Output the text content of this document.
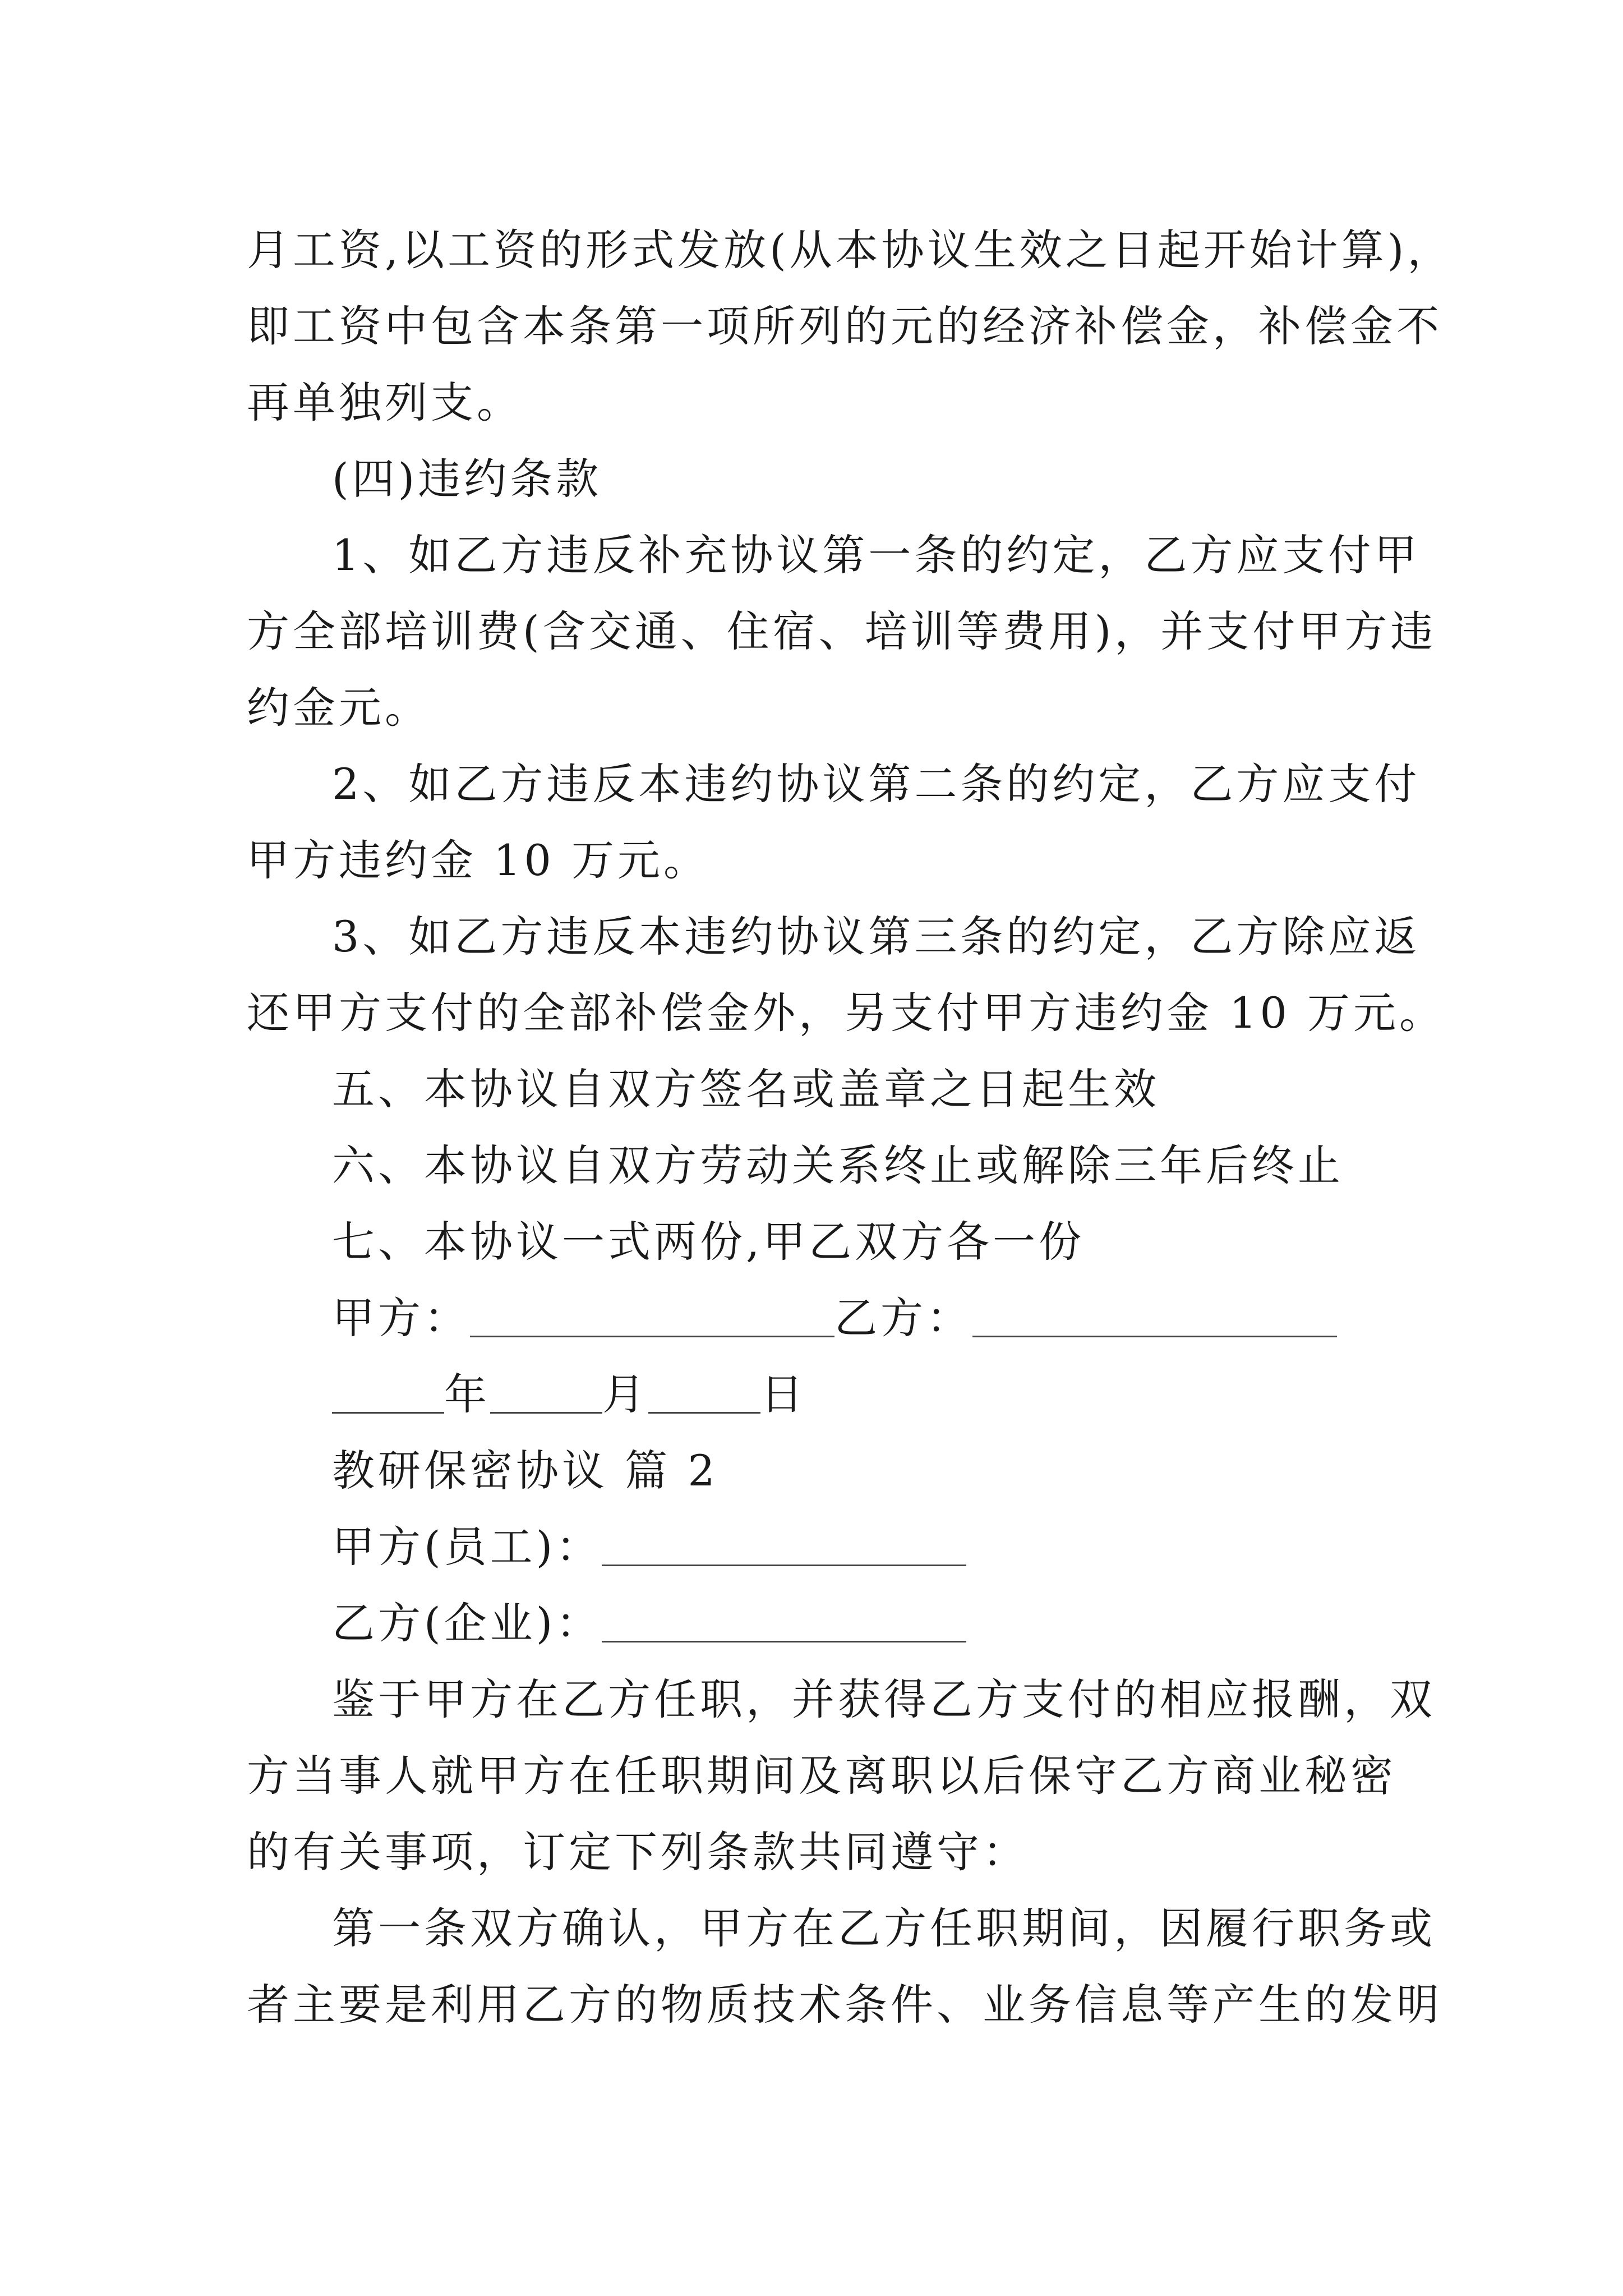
月工资,以工资的形式发放(从本协议生效之日起开始计算)，
即工资中包含本条第一项所列的元的经济补偿金，补偿金不
再单独列支。
(四)违约条款
1、如乙方违反补充协议第一条的约定，乙方应支付甲
方全部培训费(含交通、住宿、培训等费用)，并支付甲方违
约金元。
2、如乙方违反本违约协议第二条的约定，乙方应支付
甲方违约金 10 万元。
3、如乙方违反本违约协议第三条的约定，乙方除应返
还甲方支付的全部补偿金外，另支付甲方违约金 10 万元。
五、本协议自双方签名或盖章之日起生效
六、本协议自双方劳动关系终止或解除三年后终止
七、本协议一式两份,甲乙双方各一份
甲方：	乙方：
年	月	日
教研保密协议 篇 2
甲方(员工)：
乙方(企业)：
鉴于甲方在乙方任职，并获得乙方支付的相应报酬，双
方当事人就甲方在任职期间及离职以后保守乙方商业秘密
的有关事项，订定下列条款共同遵守：
第一条双方确认，甲方在乙方任职期间，因履行职务或
者主要是利用乙方的物质技术条件、业务信息等产生的发明
